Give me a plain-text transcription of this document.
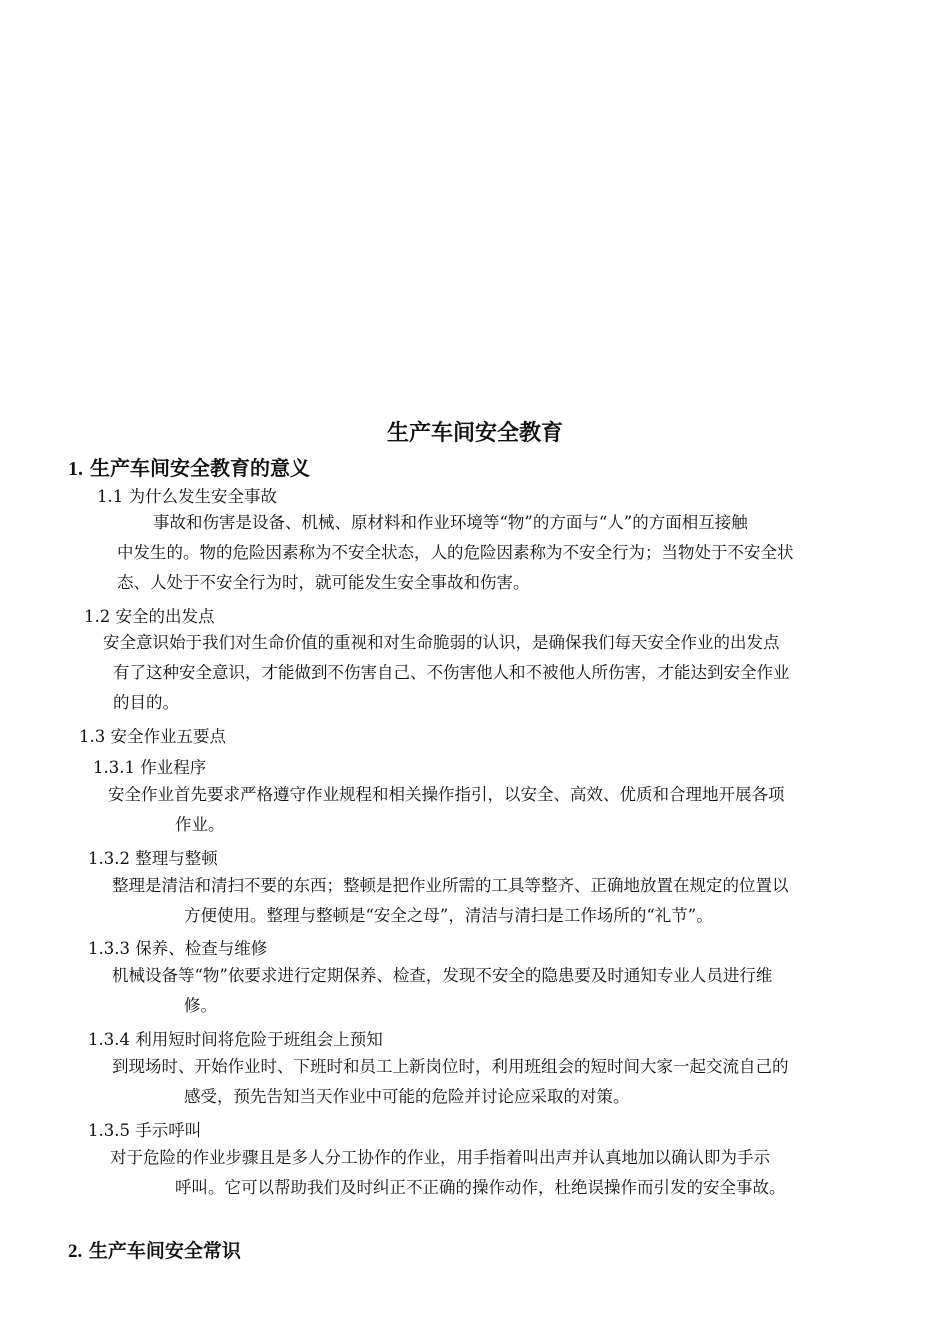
生产车间安全教育
1. 生产车间安全教育的意义
1.1 为什么发生安全事故
事故和伤害是设备、机械、原材料和作业环境等“物”的方面与“人”的方面相互接触
中发生的。物的危险因素称为不安全状态，人的危险因素称为不安全行为；当物处于不安全状
态、人处于不安全行为时，就可能发生安全事故和伤害。
1.2 安全的出发点
安全意识始于我们对生命价值的重视和对生命脆弱的认识，是确保我们每天安全作业的出发点
有了这种安全意识，才能做到不伤害自己、不伤害他人和不被他人所伤害，才能达到安全作业
的目的。
1.3 安全作业五要点
1.3.1 作业程序
安全作业首先要求严格遵守作业规程和相关操作指引，以安全、高效、优质和合理地开展各项
作业。
1.3.2 整理与整顿
整理是清洁和清扫不要的东西；整顿是把作业所需的工具等整齐、正确地放置在规定的位置以
方便使用。整理与整顿是“安全之母”，清洁与清扫是工作场所的“礼节”。
1.3.3 保养、检查与维修
机械设备等“物”依要求进行定期保养、检查，发现不安全的隐患要及时通知专业人员进行维
修。
1.3.4 利用短时间将危险于班组会上预知
到现场时、开始作业时、下班时和员工上新岗位时，利用班组会的短时间大家一起交流自己的
感受，预先告知当天作业中可能的危险并讨论应采取的对策。
1.3.5 手示呼叫
对于危险的作业步骤且是多人分工协作的作业，用手指着叫出声并认真地加以确认即为手示
呼叫。它可以帮助我们及时纠正不正确的操作动作，杜绝误操作而引发的安全事故。
2. 生产车间安全常识
